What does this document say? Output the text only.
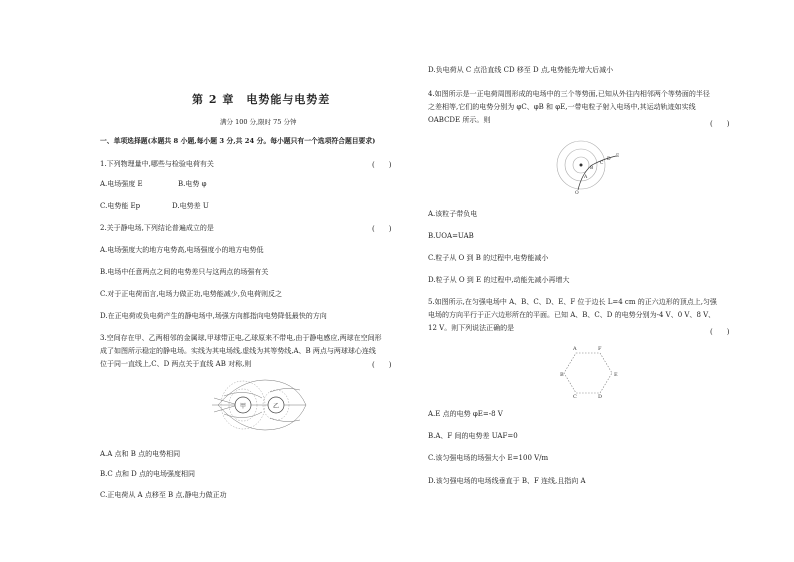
第 2 章　电势能与电势差
满分 100 分,限时 75 分钟
一、单项选择题(本题共 8 小题,每小题 3 分,共 24 分。每小题只有一个选项符合题目要求)
1.下列物理量中,哪些与检验电荷有关	(　　)
A.电场强度 E	B.电势 φ
C.电势能 Ep	D.电势差 U
2.关于静电场,下列结论普遍成立的是	(　　)
A.电场强度大的地方电势高,电场强度小的地方电势低
B.电场中任意两点之间的电势差只与这两点的场强有关
C.对于正电荷而言,电场力做正功,电势能减少,负电荷则反之
D.在正电荷或负电荷产生的静电场中,场强方向都指向电势降低最快的方向
3.空间存在甲、乙两相邻的金属球,甲球带正电,乙球原来不带电,由于静电感应,两球在空间形
成了如图所示稳定的静电场。实线为其电场线,虚线为其等势线,A、B 两点与两球球心连线
位于同一直线上,C、D 两点关于直线 AB 对称,则	(　　)
甲	乙
A.A 点和 B 点的电势相同
B.C 点和 D 点的电场强度相同
C.正电荷从 A 点移至 B 点,静电力做正功
D.负电荷从 C 点沿直线 CD 移至 D 点,电势能先增大后减小
4.如图所示是一正电荷周围形成的电场中的三个等势面,已知从外往内相邻两个等势面的半径
之差相等,它们的电势分别为 φC、φB 和 φE,一带电粒子射入电场中,其运动轨迹如实线
OABCDE 所示。则	(　　)
O
A
B
C
D
E
A.该粒子带负电
B.UOA=UAB
C.粒子从 O 到 B 的过程中,电势能减小
D.粒子从 O 到 E 的过程中,动能先减小再增大
5.如图所示,在匀强电场中 A、B、C、D、E、F 位于边长 L=4 cm 的正六边形的顶点上,匀强
电场的方向平行于正六边形所在的平面。已知 A、B、C、D 的电势分别为-4 V、0 V、8 V、
12 V。则下列说法正确的是	(　　)
A
B
C	D
E
F
A.E 点的电势 φE=-8 V
B.A、F 间的电势差 UAF=0
C.该匀强电场的场强大小 E=100 V/m
D.该匀强电场的电场线垂直于 B、F 连线,且指向 A
